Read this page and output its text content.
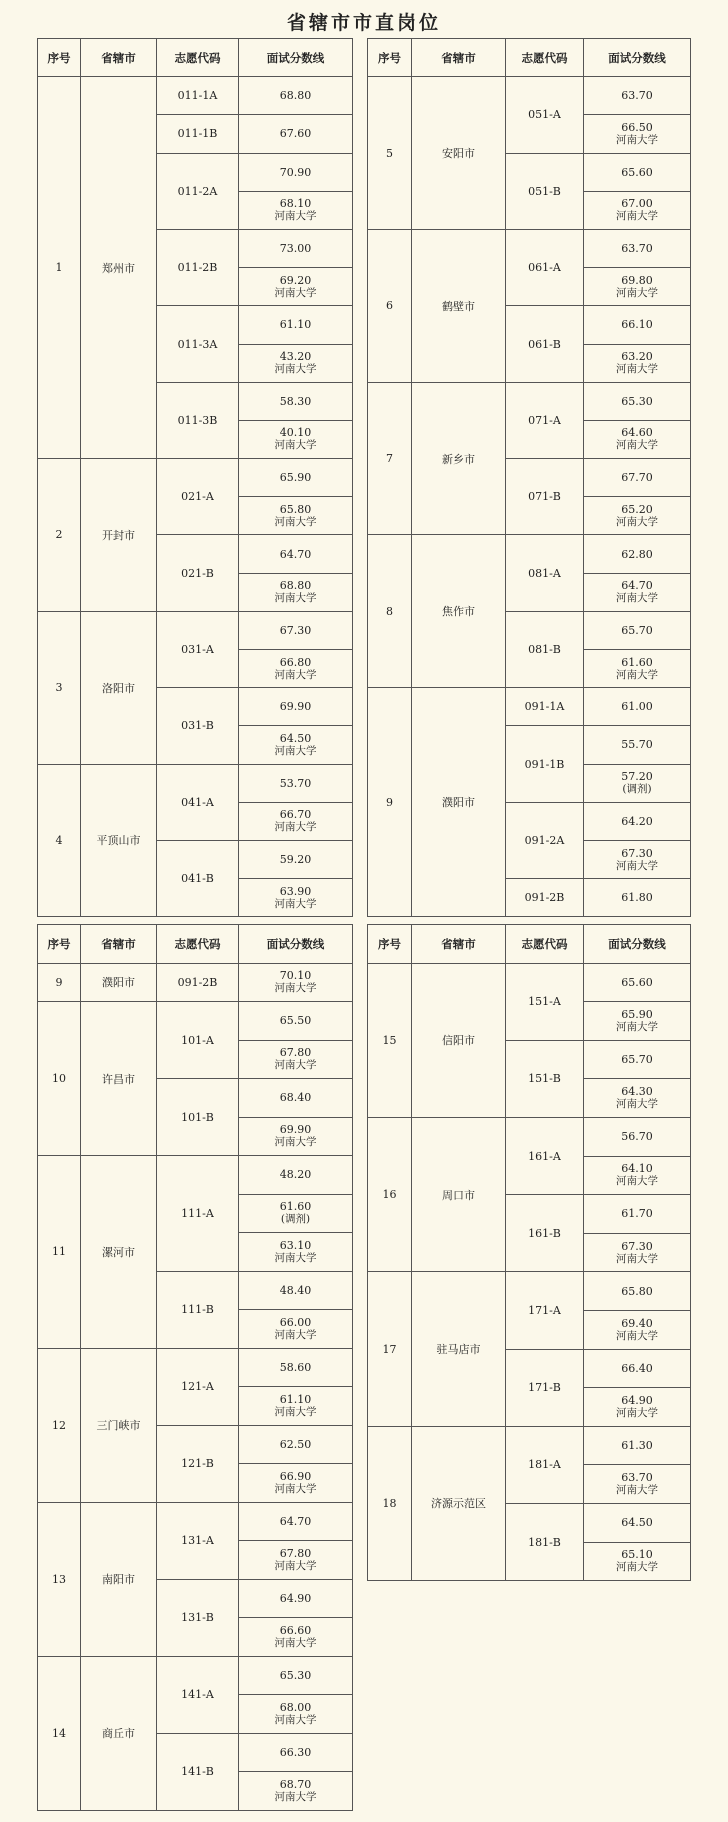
省辖市市直岗位
序号	省辖市	志愿代码	面试分数线
1	郑州市	011-1A	68.80

		011-1B	67.60

		011-2A	70.90

			68.10
河南大学

		011-2B	73.00

			69.20
河南大学

		011-3A	61.10

			43.20
河南大学

		011-3B	58.30

			40.10
河南大学

2	开封市	021-A	65.90

			65.80
河南大学

		021-B	64.70

			68.80
河南大学

3	洛阳市	031-A	67.30

			66.80
河南大学

		031-B	69.90

			64.50
河南大学

4	平顶山市	041-A	53.70

			66.70
河南大学

		041-B	59.20

			63.90
河南大学
序号	省辖市	志愿代码	面试分数线
5	安阳市	051-A	63.70

			66.50
河南大学

		051-B	65.60

			67.00
河南大学

6	鹤壁市	061-A	63.70

			69.80
河南大学

		061-B	66.10

			63.20
河南大学

7	新乡市	071-A	65.30

			64.60
河南大学

		071-B	67.70

			65.20
河南大学

8	焦作市	081-A	62.80

			64.70
河南大学

		081-B	65.70

			61.60
河南大学

9	濮阳市	091-1A	61.00

		091-1B	55.70

			57.20
(调剂)

		091-2A	64.20

			67.30
河南大学

		091-2B	61.80
序号	省辖市	志愿代码	面试分数线
9	濮阳市	091-2B	70.10
河南大学

10	许昌市	101-A	65.50

			67.80
河南大学

		101-B	68.40

			69.90
河南大学

11	漯河市	111-A	48.20

			61.60
(调剂)

			63.10
河南大学

		111-B	48.40

			66.00
河南大学

12	三门峡市	121-A	58.60

			61.10
河南大学

		121-B	62.50

			66.90
河南大学

13	南阳市	131-A	64.70

			67.80
河南大学

		131-B	64.90

			66.60
河南大学

14	商丘市	141-A	65.30

			68.00
河南大学

		141-B	66.30

			68.70
河南大学
序号	省辖市	志愿代码	面试分数线
15	信阳市	151-A	65.60

			65.90
河南大学

		151-B	65.70

			64.30
河南大学

16	周口市	161-A	56.70

			64.10
河南大学

		161-B	61.70

			67.30
河南大学

17	驻马店市	171-A	65.80

			69.40
河南大学

		171-B	66.40

			64.90
河南大学

18	济源示范区	181-A	61.30

			63.70
河南大学

		181-B	64.50

			65.10
河南大学
